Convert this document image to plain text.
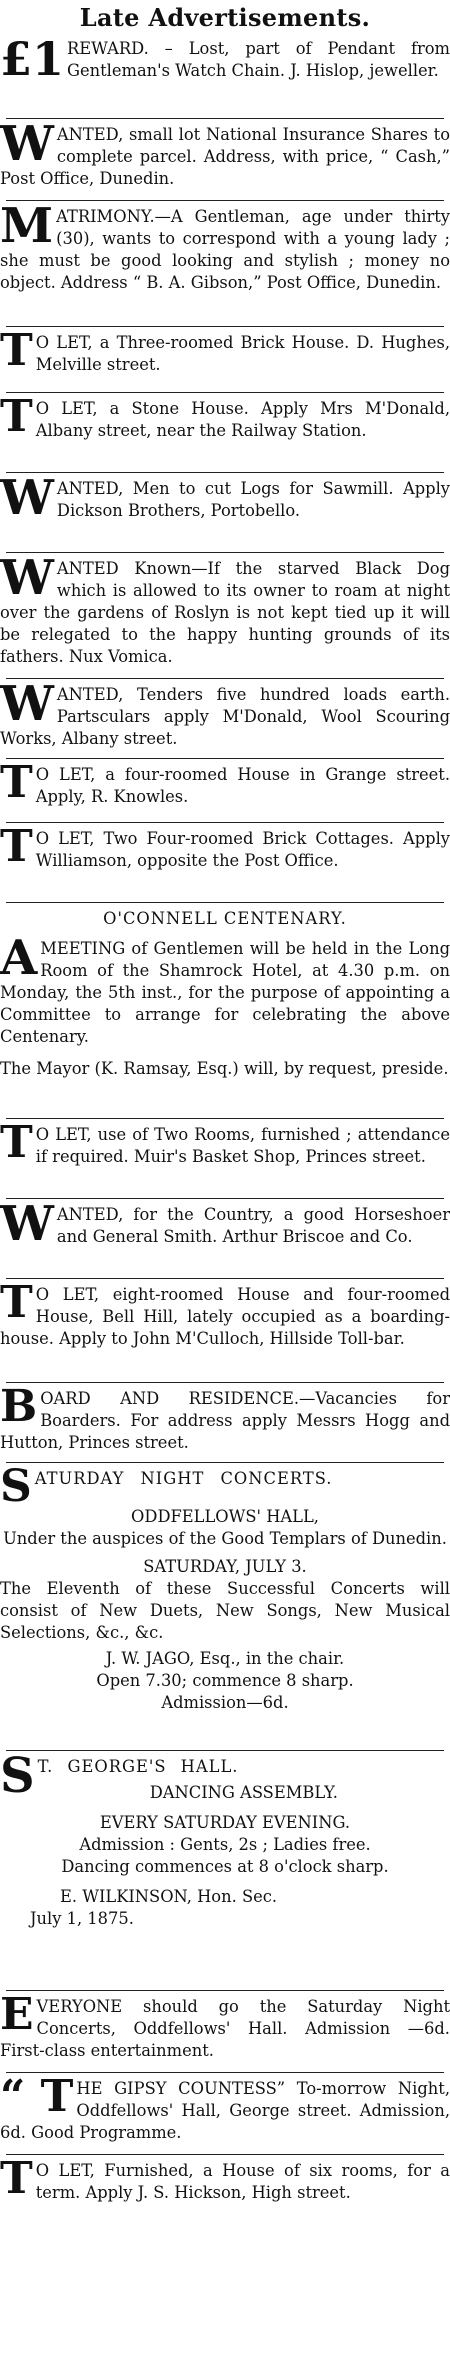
Late Advertisements.
£1 REWARD. – Lost, part of Pendant from Gentleman's Watch Chain. J. Hislop, jeweller.

W ANTED, small lot National Insurance Shares to complete parcel. Address, with price, “ Cash,” Post Office, Dunedin.

M ATRIMONY.—A Gentleman, age under thirty (30), wants to correspond with a young lady ; she must be good looking and stylish ; money no object. Address “ B. A. Gibson,” Post Office, Dunedin.

T O LET, a Three-roomed Brick House. D. Hughes, Melville street.

T O LET, a Stone House. Apply Mrs M'Donald, Albany street, near the Railway Station.

W ANTED, Men to cut Logs for Sawmill. Apply Dickson Brothers, Portobello.

W ANTED Known—If the starved Black Dog which is allowed to its owner to roam at night over the gardens of Roslyn is not kept tied up it will be relegated to the happy hunting grounds of its fathers. Nux Vomica.

W ANTED, Tenders five hundred loads earth. Partsculars apply M'Donald, Wool Scouring Works, Albany street.

T O LET, a four-roomed House in Grange street. Apply, R. Knowles.

T O LET, Two Four-roomed Brick Cottages. Apply Williamson, opposite the Post Office.

O'CONNELL CENTENARY.

A MEETING of Gentlemen will be held in the Long Room of the Shamrock Hotel, at 4.30 p.m. on Monday, the 5th inst., for the purpose of appointing a Committee to arrange for celebrating the above Centenary.

The Mayor (K. Ramsay, Esq.) will, by request, preside.

T O LET, use of Two Rooms, furnished ; attendance if required. Muir's Basket Shop, Princes street.

W ANTED, for the Country, a good Horseshoer and General Smith. Arthur Briscoe and Co.

T O LET, eight-roomed House and four-roomed House, Bell Hill, lately occupied as a boarding-house. Apply to John M'Culloch, Hillside Toll-bar.

B OARD AND RESIDENCE.—Vacancies for Boarders. For address apply Messrs Hogg and Hutton, Princes street.

S ATURDAY NIGHT CONCERTS.

ODDFELLOWS' HALL,

Under the auspices of the Good Templars of Dunedin.

SATURDAY, JULY 3.

The Eleventh of these Successful Concerts will consist of New Duets, New Songs, New Musical Selections, &c., &c.

J. W. JAGO, Esq., in the chair.

Open 7.30; commence 8 sharp.

Admission—6d.

S T. GEORGE'S HALL.

DANCING ASSEMBLY.

EVERY SATURDAY EVENING.

Admission : Gents, 2s ; Ladies free.

Dancing commences at 8 o'clock sharp.

E. WILKINSON, Hon. Sec.

July 1, 1875.

E VERYONE should go the Saturday Night Concerts, Oddfellows' Hall. Admission —6d. First-class entertainment.

“ T HE GIPSY COUNTESS” To-morrow Night, Oddfellows' Hall, George street. Admission, 6d. Good Programme.

T O LET, Furnished, a House of six rooms, for a term. Apply J. S. Hickson, High street.
